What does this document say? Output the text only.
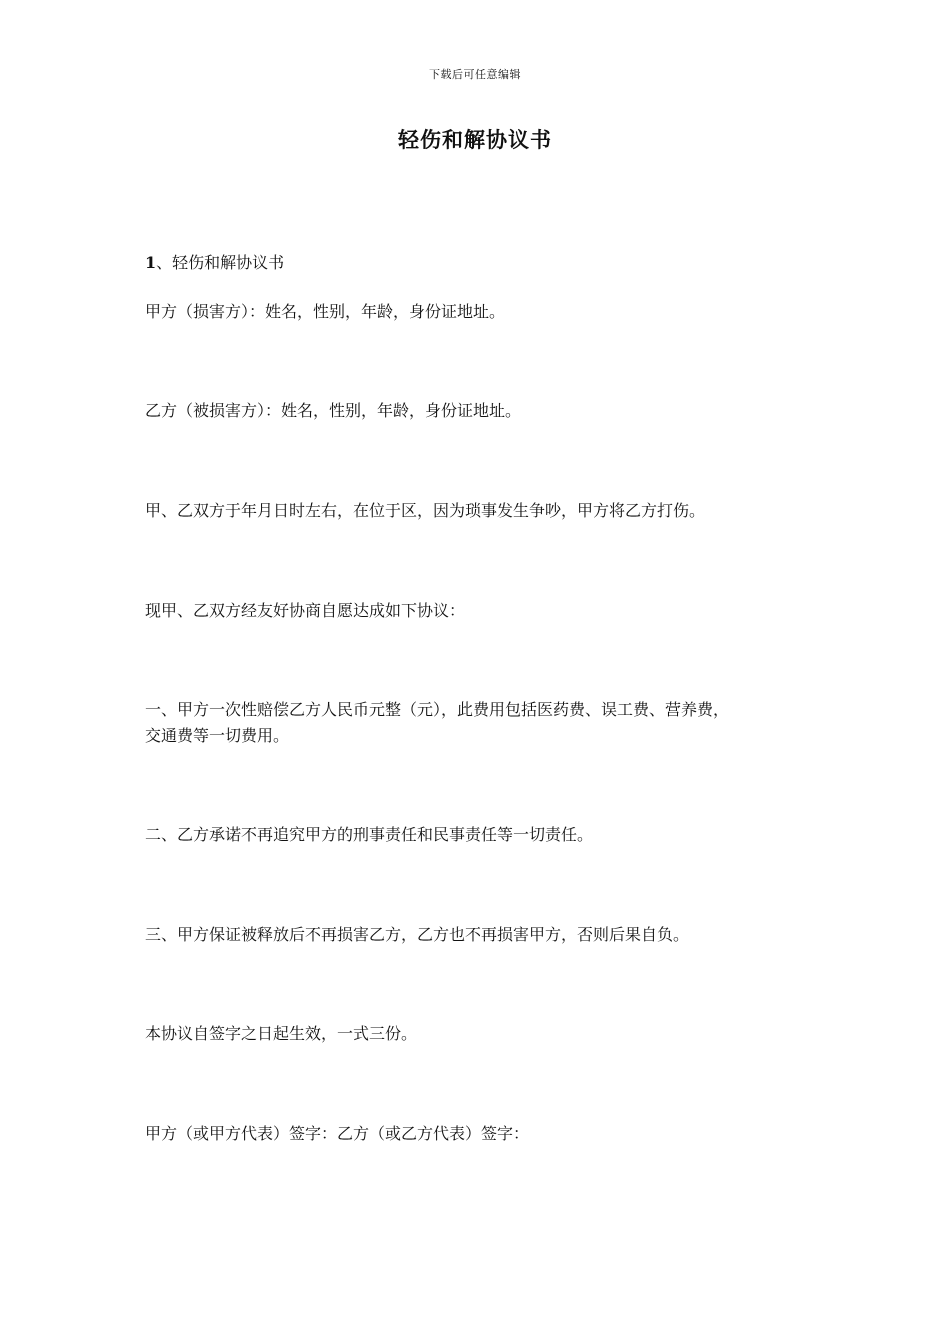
下载后可任意编辑
轻伤和解协议书

1、轻伤和解协议书

甲方（损害方）：姓名，性别，年龄，身份证地址。

乙方（被损害方）：姓名，性别，年龄，身份证地址。

甲、乙双方于年月日时左右，在位于区，因为琐事发生争吵，甲方将乙方打伤。

现甲、乙双方经友好协商自愿达成如下协议：

一、甲方一次性赔偿乙方人民币元整（元），此费用包括医药费、误工费、营养费，
交通费等一切费用。

二、乙方承诺不再追究甲方的刑事责任和民事责任等一切责任。

三、甲方保证被释放后不再损害乙方，乙方也不再损害甲方，否则后果自负。

本协议自签字之日起生效，一式三份。

甲方（或甲方代表）签字：乙方（或乙方代表）签字：
